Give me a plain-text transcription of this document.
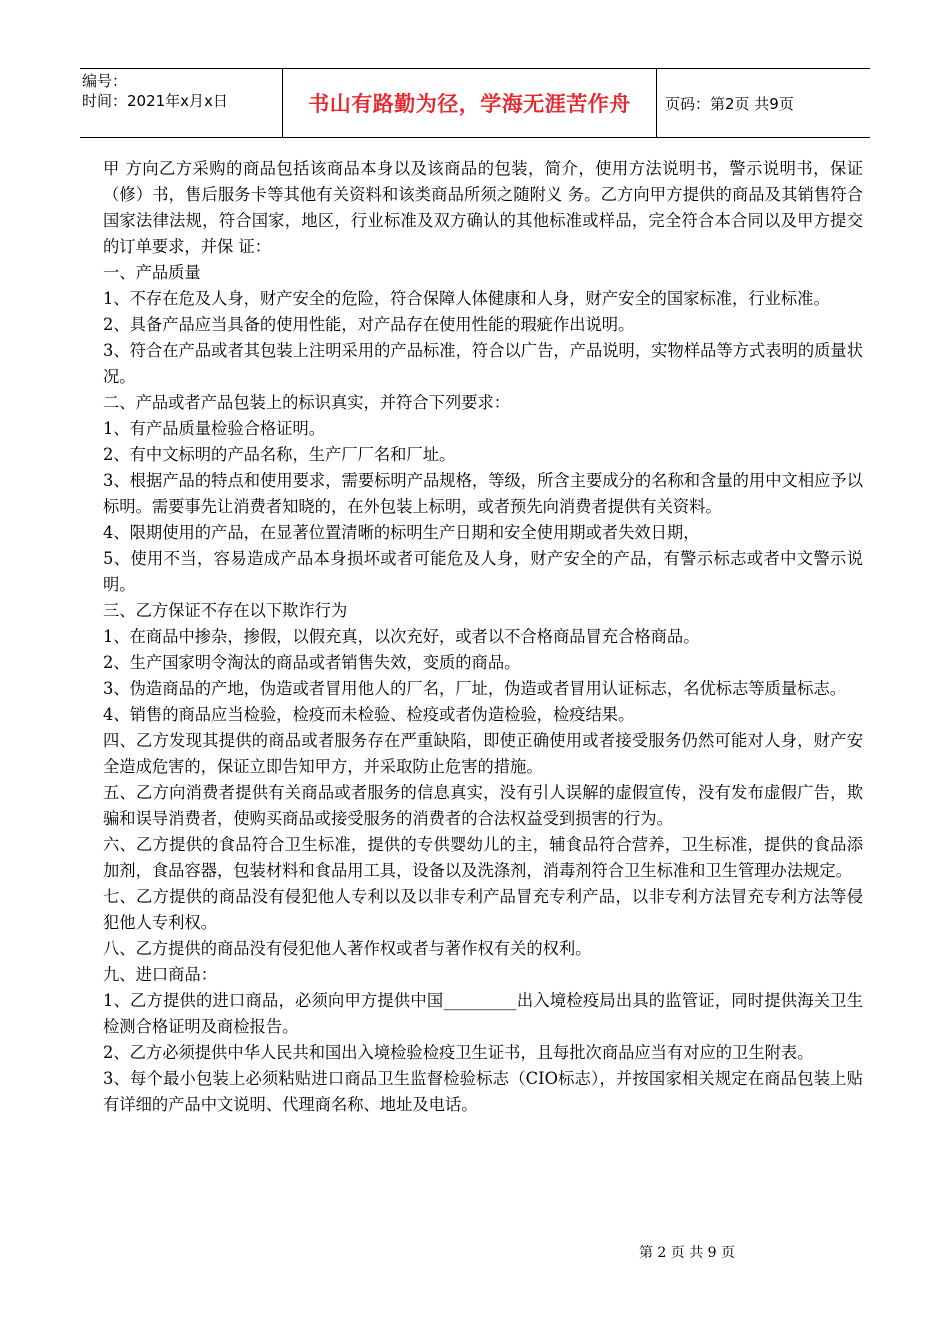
编号：
时间：2021年x月x日	书山有路勤为径，学海无涯苦作舟 页码：第2页 共9页

甲 方向乙方采购的商品包括该商品本身以及该商品的包装，简介，使用方法说明书，警示说明书，保证（修）书，售后服务卡等其他有关资料和该类商品所须之随附义 务。乙方向甲方提供的商品及其销售符合国家法律法规，符合国家，地区，行业标准及双方确认的其他标准或样品，完全符合本合同以及甲方提交的订单要求，并保 证：

一、产品质量

1、不存在危及人身，财产安全的危险，符合保障人体健康和人身，财产安全的国家标准，行业标准。

2、具备产品应当具备的使用性能，对产品存在使用性能的瑕疵作出说明。

3、符合在产品或者其包装上注明采用的产品标准，符合以广告，产品说明，实物样品等方式表明的质量状况。

二、产品或者产品包装上的标识真实，并符合下列要求：

1、有产品质量检验合格证明。

2、有中文标明的产品名称，生产厂厂名和厂址。

3、根据产品的特点和使用要求，需要标明产品规格，等级，所含主要成分的名称和含量的用中文相应予以标明。需要事先让消费者知晓的，在外包装上标明，或者预先向消费者提供有关资料。

4、限期使用的产品，在显著位置清晰的标明生产日期和安全使用期或者失效日期，

5、使用不当，容易造成产品本身损坏或者可能危及人身，财产安全的产品，有警示标志或者中文警示说明。

三、乙方保证不存在以下欺诈行为

1、在商品中掺杂，掺假，以假充真，以次充好，或者以不合格商品冒充合格商品。

2、生产国家明令淘汰的商品或者销售失效，变质的商品。

3、伪造商品的产地，伪造或者冒用他人的厂名，厂址，伪造或者冒用认证标志，名优标志等质量标志。

4、销售的商品应当检验，检疫而未检验、检疫或者伪造检验，检疫结果。

四、乙方发现其提供的商品或者服务存在严重缺陷，即使正确使用或者接受服务仍然可能对人身，财产安全造成危害的，保证立即告知甲方，并采取防止危害的措施。

五、乙方向消费者提供有关商品或者服务的信息真实，没有引人误解的虚假宣传，没有发布虚假广告，欺骗和误导消费者，使购买商品或接受服务的消费者的合法权益受到损害的行为。

六、乙方提供的食品符合卫生标准，提供的专供婴幼儿的主，辅食品符合营养，卫生标准，提供的食品添加剂，食品容器，包装材料和食品用工具，设备以及洗涤剂，消毒剂符合卫生标准和卫生管理办法规定。

七、乙方提供的商品没有侵犯他人专利以及以非专利产品冒充专利产品，以非专利方法冒充专利方法等侵犯他人专利权。

八、乙方提供的商品没有侵犯他人著作权或者与著作权有关的权利。

九、进口商品：

1、乙方提供的进口商品，必须向甲方提供中国_________出入境检疫局出具的监管证，同时提供海关卫生检测合格证明及商检报告。

2、乙方必须提供中华人民共和国出入境检验检疫卫生证书，且每批次商品应当有对应的卫生附表。

3、每个最小包装上必须粘贴进口商品卫生监督检验标志（CIO标志），并按国家相关规定在商品包装上贴有详细的产品中文说明、代理商名称、地址及电话。

第 2 页 共 9 页
